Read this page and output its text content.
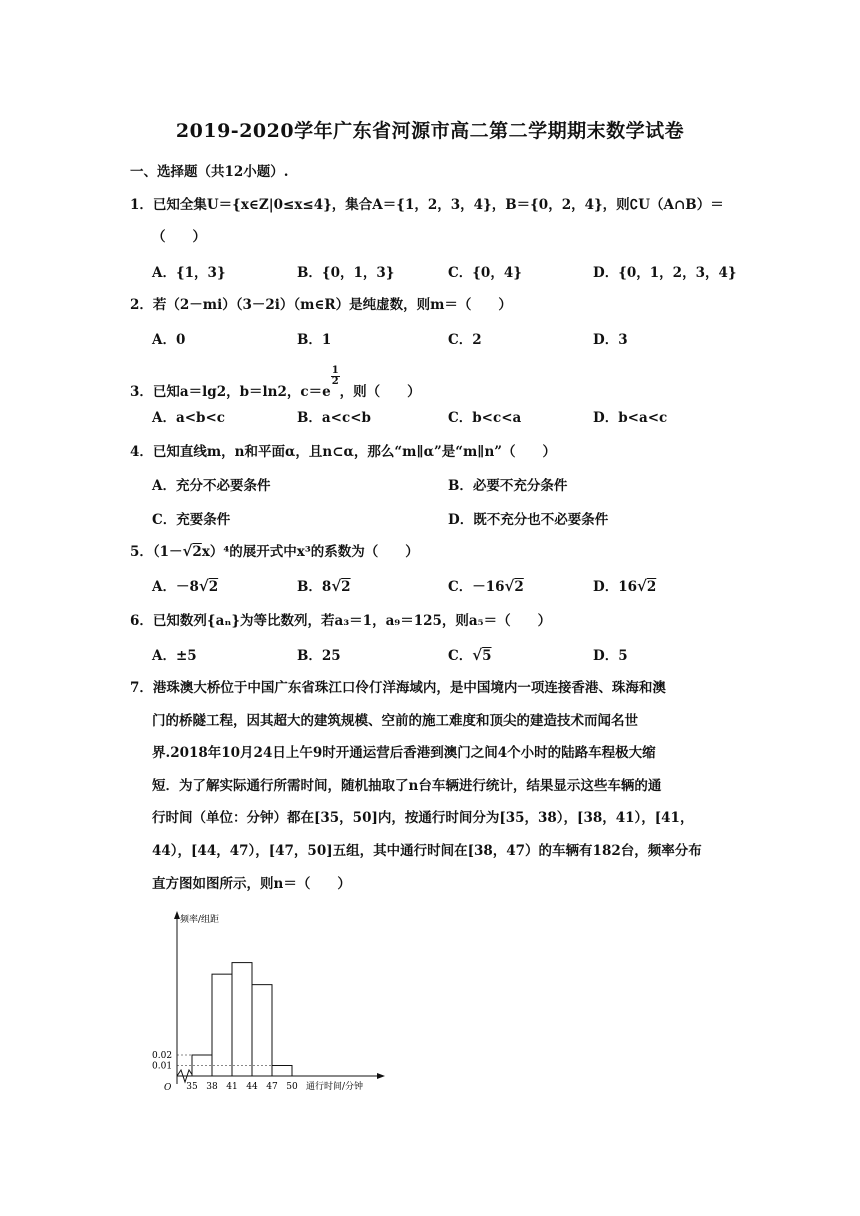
2019-2020学年广东省河源市高二第二学期期末数学试卷
一、选择题（共12小题）.
1．已知全集U＝{x∈Z|0≤x≤4}，集合A＝{1，2，3，4}，B＝{0，2，4}，则∁U（A∩B）＝
（　　）
A．{1，3}	B．{0，1，3}	C．{0，4}	D．{0，1，2，3，4}
2．若（2－mi）（3－2i）（m∈R）是纯虚数，则m＝（　　）
A．0	B．1	C．2	D．3
3．已知a＝lg2，b＝ln2，c＝e
$\frac{1}{2}$
，则（　　）
A．a<b<c	B．a<c<b	C．b<c<a	D．b<a<c
4．已知直线m，n和平面α，且n⊂α，那么“m∥α”是“m∥n”（　　）
A．充分不必要条件	B．必要不充分条件
C．充要条件	D．既不充分也不必要条件
5．（1－√2x）⁴的展开式中x³的系数为（　　）
A．－8√2	B．8√2	C．－16√2	D．16√2
6．已知数列{aₙ}为等比数列，若a₃＝1，a₉＝125，则a₅＝（　　）
A．±5	B．25	C．√5	D．5
7．港珠澳大桥位于中国广东省珠江口伶仃洋海域内，是中国境内一项连接香港、珠海和澳
门的桥隧工程，因其超大的建筑规模、空前的施工难度和顶尖的建造技术而闻名世
界.2018年10月24日上午9时开通运营后香港到澳门之间4个小时的陆路车程极大缩
短．为了解实际通行所需时间，随机抽取了n台车辆进行统计，结果显示这些车辆的通
行时间（单位：分钟）都在[35，50]内，按通行时间分为[35，38），[38，41），[41，
44），[44，47），[47，50]五组，其中通行时间在[38，47）的车辆有182台，频率分布
直方图如图所示，则n＝（　　）
频率/组距
O	通行时间/分钟
35 38 41 44 47 50
0.02
0.01
